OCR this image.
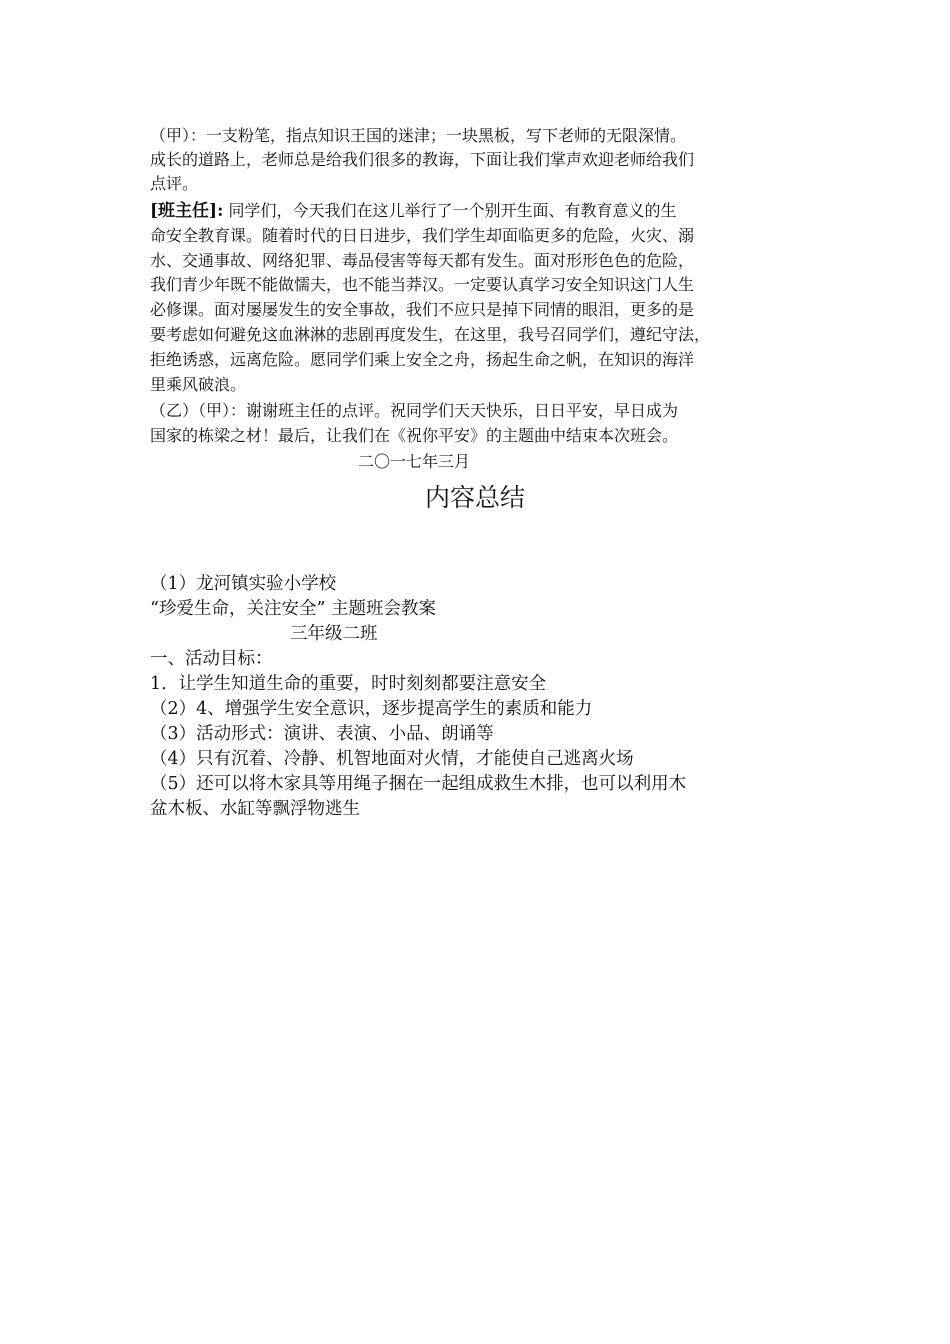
（甲）：一支粉笔，指点知识王国的迷津；一块黑板，写下老师的无限深情。

成长的道路上，老师总是给我们很多的教诲，下面让我们掌声欢迎老师给我们

点评。

[班主任]: 同学们，今天我们在这儿举行了一个别开生面、有教育意义的生

命安全教育课。随着时代的日日进步，我们学生却面临更多的危险，火灾、溺

水、交通事故、网络犯罪、毒品侵害等每天都有发生。面对形形色色的危险，

我们青少年既不能做懦夫，也不能当莽汉。一定要认真学习安全知识这门人生

必修课。面对屡屡发生的安全事故，我们不应只是掉下同情的眼泪，更多的是

要考虑如何避免这血淋淋的悲剧再度发生，在这里，我号召同学们，遵纪守法，

拒绝诱惑，远离危险。愿同学们乘上安全之舟，扬起生命之帆，在知识的海洋

里乘风破浪。

（乙）（甲）：谢谢班主任的点评。祝同学们天天快乐，日日平安，早日成为

国家的栋梁之材！最后，让我们在《祝你平安》的主题曲中结束本次班会。

二〇一七年三月

内容总结

（1）龙河镇实验小学校

“珍爱生命，关注安全” 主题班会教案

三年级二班

一、活动目标：

1．让学生知道生命的重要，时时刻刻都要注意安全

（2）4、增强学生安全意识，逐步提高学生的素质和能力

（3）活动形式：演讲、表演、小品、朗诵等

（4）只有沉着、冷静、机智地面对火情，才能使自己逃离火场

（5）还可以将木家具等用绳子捆在一起组成救生木排，也可以利用木

盆木板、水缸等飘浮物逃生
